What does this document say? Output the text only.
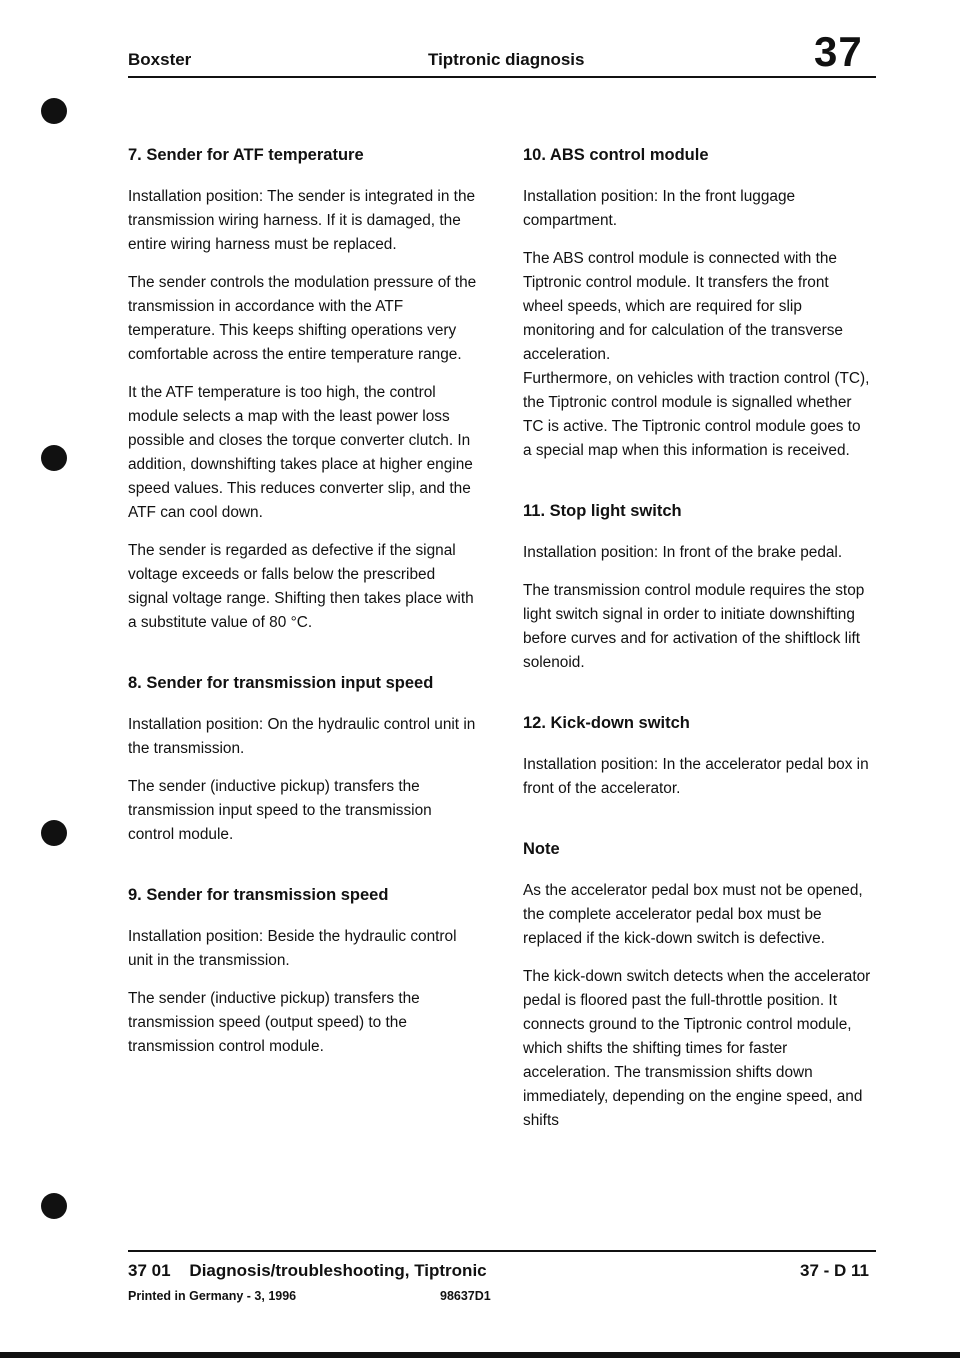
Boxster	Tiptronic diagnosis	37
7. Sender for ATF temperature

Installation position: The sender is integrated in the transmission wiring harness. If it is damaged, the entire wiring harness must be replaced.

The sender controls the modulation pressure of the transmission in accordance with the ATF temperature. This keeps shifting operations very comfortable across the entire temperature range.

It the ATF temperature is too high, the control module selects a map with the least power loss possible and closes the torque converter clutch. In addition, downshifting takes place at higher engine speed values. This reduces converter slip, and the ATF can cool down.

The sender is regarded as defective if the signal voltage exceeds or falls below the prescribed signal voltage range. Shifting then takes place with a substitute value of 80 °C.

8. Sender for transmission input speed

Installation position: On the hydraulic control unit in the transmission.

The sender (inductive pickup) transfers the transmission input speed to the transmission control module.

9. Sender for transmission speed

Installation position: Beside the hydraulic control unit in the transmission.

The sender (inductive pickup) transfers the transmission speed (output speed) to the transmission control module.

10. ABS control module

Installation position: In the front luggage compartment.

The ABS control module is connected with the Tiptronic control module. It transfers the front wheel speeds, which are required for slip monitoring and for calculation of the transverse acceleration.

Furthermore, on vehicles with traction control (TC), the Tiptronic control module is signalled whether TC is active. The Tiptronic control module goes to a special map when this information is received.

11. Stop light switch

Installation position: In front of the brake pedal.

The transmission control module requires the stop light switch signal in order to initiate downshifting before curves and for activation of the shiftlock lift solenoid.

12. Kick-down switch

Installation position: In the accelerator pedal box in front of the accelerator.

Note

As the accelerator pedal box must not be opened, the complete accelerator pedal box must be replaced if the kick-down switch is defective.

The kick-down switch detects when the accelerator pedal is floored past the full-throttle position. It connects ground to the Tiptronic control module, which shifts the shifting times for faster acceleration. The transmission shifts down immediately, depending on the engine speed, and shifts

37 01    Diagnosis/troubleshooting, Tiptronic	37 - D 11
Printed in Germany - 3, 1996	98637D1
